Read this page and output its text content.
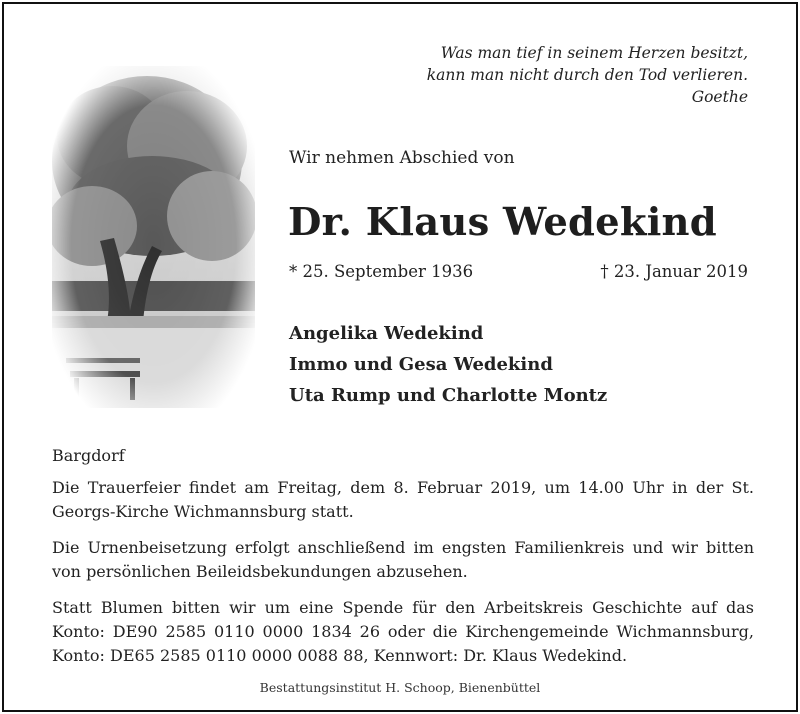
Was man tief in seinem Herzen besitzt,
kann man nicht durch den Tod verlieren.
Goethe
Wir nehmen Abschied von
Dr. Klaus Wedekind
* 25. September 1936	† 23. Januar 2019
Angelika Wedekind
Immo und Gesa Wedekind
Uta Rump und Charlotte Montz
Bargdorf
Die Trauerfeier findet am Freitag, dem 8. Februar 2019, um 14.00 Uhr in der St. Georgs-Kirche Wichmannsburg statt.
Die Urnenbeisetzung erfolgt anschließend im engsten Familienkreis und wir bitten von persönlichen Beileidsbekundungen abzusehen.
Statt Blumen bitten wir um eine Spende für den Arbeitskreis Geschichte auf das Konto: DE90 2585 0110 0000 1834 26 oder die Kirchengemeinde Wichmannsburg, Konto: DE65 2585 0110 0000 0088 88, Kennwort: Dr. Klaus Wedekind.
Bestattungsinstitut H. Schoop, Bienenbüttel
